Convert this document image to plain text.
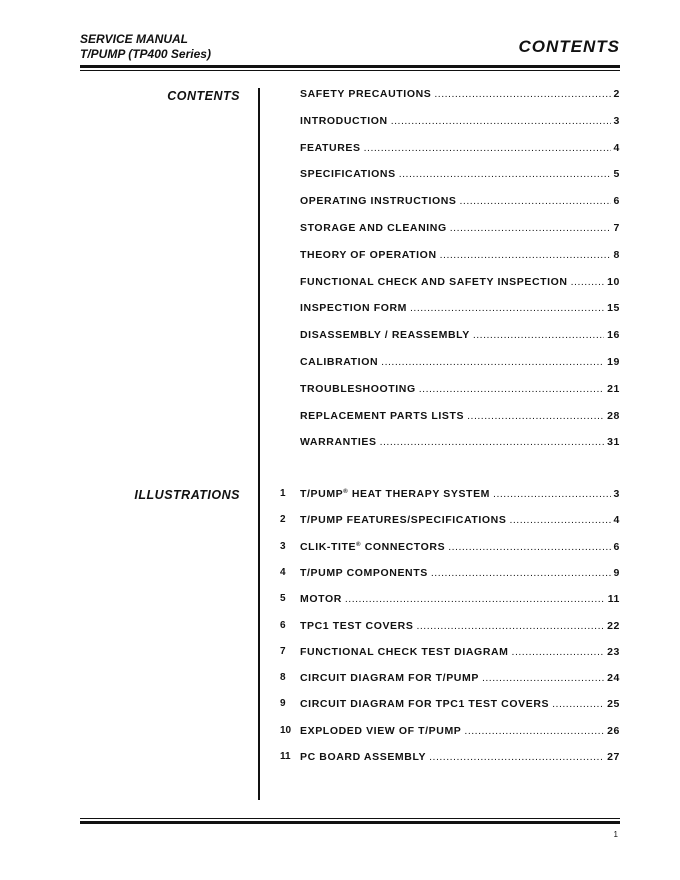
SERVICE MANUAL
T/PUMP (TP400 Series)	CONTENTS
CONTENTS
ILLUSTRATIONS
SAFETY PRECAUTIONS .....	2
INTRODUCTION .....	3
FEATURES .....	4
SPECIFICATIONS .....	5
OPERATING INSTRUCTIONS .....	6
STORAGE AND CLEANING .....	7
THEORY OF OPERATION .....	8
FUNCTIONAL CHECK AND SAFETY INSPECTION .....	10
INSPECTION FORM .....	15
DISASSEMBLY / REASSEMBLY .....	16
CALIBRATION .....	19
TROUBLESHOOTING .....	21
REPLACEMENT PARTS LISTS .....	28
WARRANTIES .....	31
1 T/PUMP® HEAT THERAPY SYSTEM .....	3
2 T/PUMP FEATURES/SPECIFICATIONS .....	4
3 CLIK-TITE® CONNECTORS .....	6
4 T/PUMP COMPONENTS .....	9
5 MOTOR .....	11
6 TPC1 TEST COVERS .....	22
7 FUNCTIONAL CHECK TEST DIAGRAM .....	23
8 CIRCUIT DIAGRAM FOR T/PUMP .....	24
9 CIRCUIT DIAGRAM FOR TPC1 TEST COVERS .....	25
10 EXPLODED VIEW OF T/PUMP .....	26
11 PC BOARD ASSEMBLY .....	27
1
